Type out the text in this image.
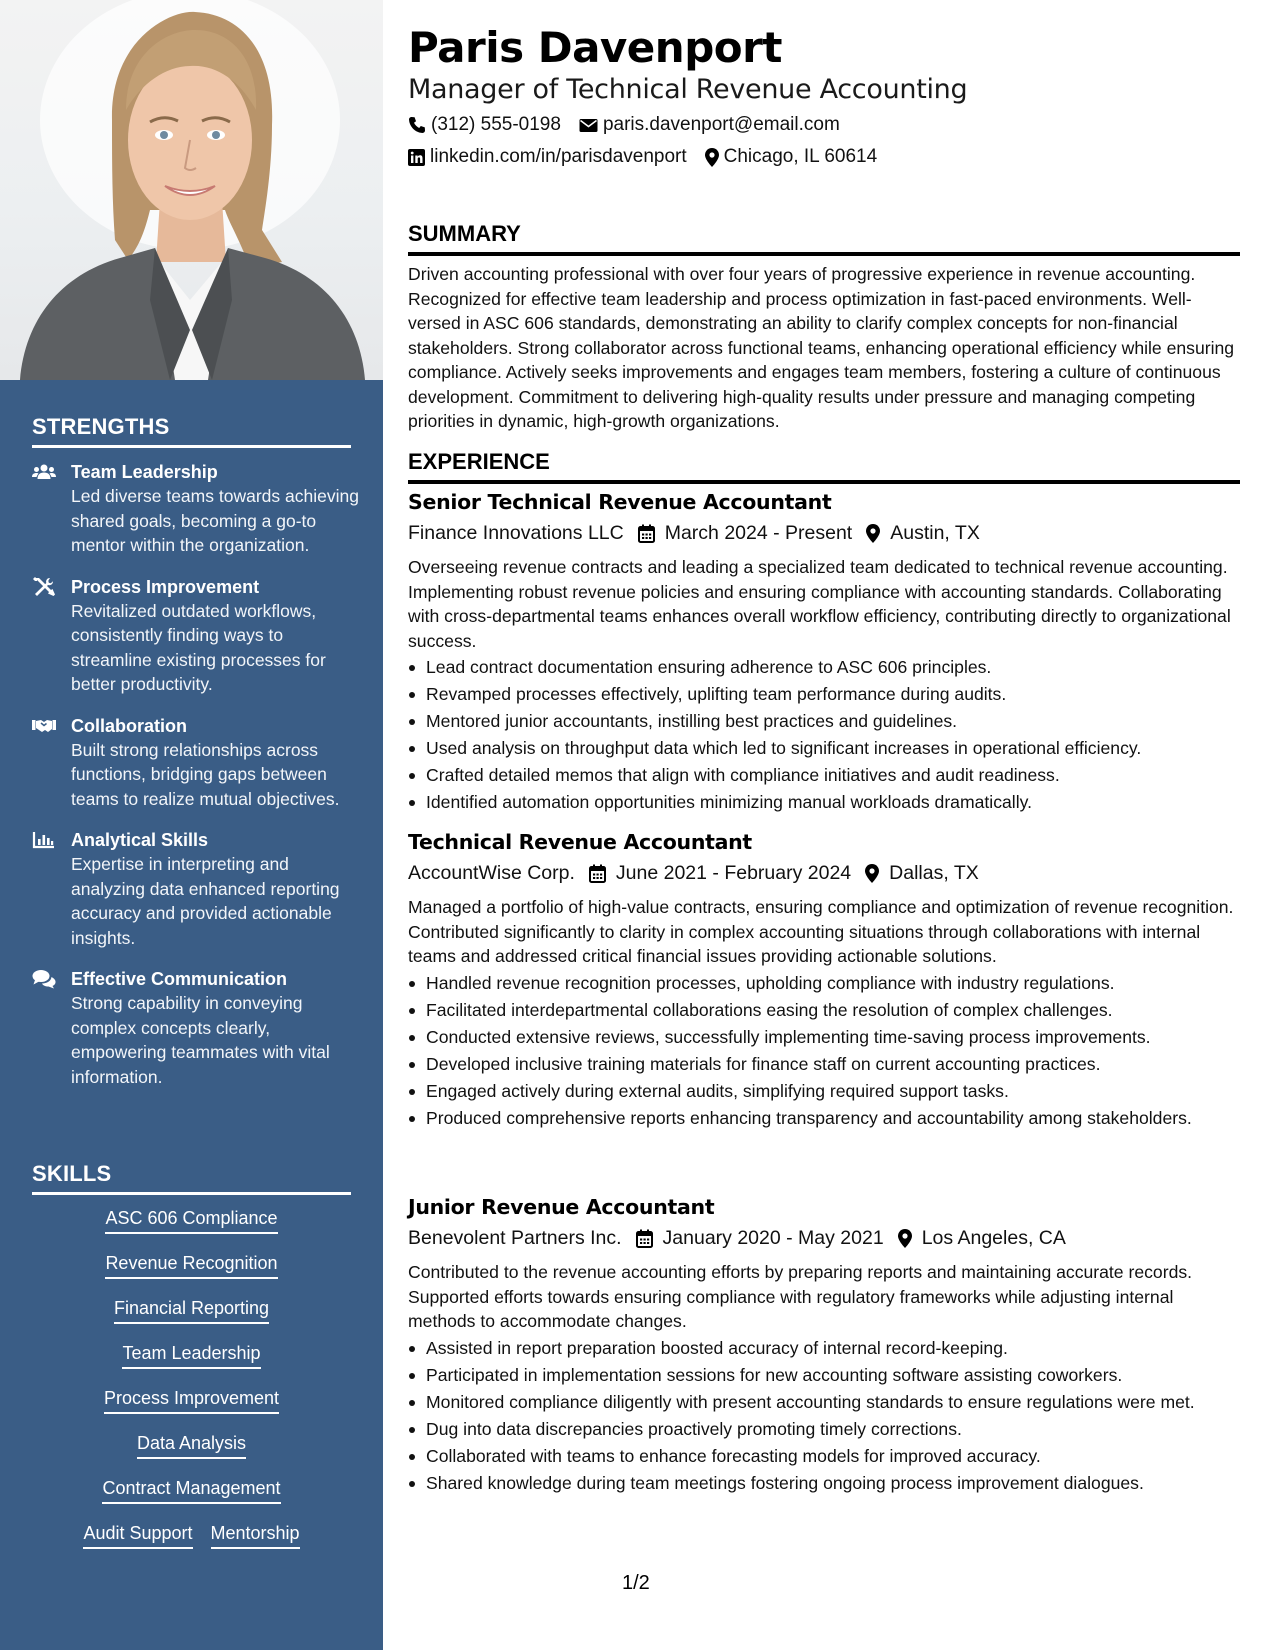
STRENGTHS
Team Leadership
Led diverse teams towards achieving shared goals, becoming a go-to mentor within the organization.
Process Improvement
Revitalized outdated workflows, consistently finding ways to streamline existing processes for better productivity.
Collaboration
Built strong relationships across functions, bridging gaps between teams to realize mutual objectives.
Analytical Skills
Expertise in interpreting and analyzing data enhanced reporting accuracy and provided actionable insights.
Effective Communication
Strong capability in conveying complex concepts clearly, empowering teammates with vital information.
SKILLS
ASC 606 Compliance
Revenue Recognition
Financial Reporting
Team Leadership
Process Improvement
Data Analysis
Contract Management
Audit Support Mentorship
Paris Davenport
Manager of Technical Revenue Accounting
(312) 555-0198 paris.davenport@email.com
linkedin.com/in/parisdavenport Chicago, IL 60614
SUMMARY
Driven accounting professional with over four years of progressive experience in revenue accounting. Recognized for effective team leadership and process optimization in fast-paced environments. Well-versed in ASC 606 standards, demonstrating an ability to clarify complex concepts for non-financial stakeholders. Strong collaborator across functional teams, enhancing operational efficiency while ensuring compliance. Actively seeks improvements and engages team members, fostering a culture of continuous development. Commitment to delivering high-quality results under pressure and managing competing priorities in dynamic, high-growth organizations.
EXPERIENCE
Senior Technical Revenue Accountant
Finance Innovations LLC March 2024 - Present Austin, TX
Overseeing revenue contracts and leading a specialized team dedicated to technical revenue accounting. Implementing robust revenue policies and ensuring compliance with accounting standards. Collaborating with cross-departmental teams enhances overall workflow efficiency, contributing directly to organizational success.
Lead contract documentation ensuring adherence to ASC 606 principles.
Revamped processes effectively, uplifting team performance during audits.
Mentored junior accountants, instilling best practices and guidelines.
Used analysis on throughput data which led to significant increases in operational efficiency.
Crafted detailed memos that align with compliance initiatives and audit readiness.
Identified automation opportunities minimizing manual workloads dramatically.
Technical Revenue Accountant
AccountWise Corp. June 2021 - February 2024 Dallas, TX
Managed a portfolio of high-value contracts, ensuring compliance and optimization of revenue recognition. Contributed significantly to clarity in complex accounting situations through collaborations with internal teams and addressed critical financial issues providing actionable solutions.
Handled revenue recognition processes, upholding compliance with industry regulations.
Facilitated interdepartmental collaborations easing the resolution of complex challenges.
Conducted extensive reviews, successfully implementing time-saving process improvements.
Developed inclusive training materials for finance staff on current accounting practices.
Engaged actively during external audits, simplifying required support tasks.
Produced comprehensive reports enhancing transparency and accountability among stakeholders.
Junior Revenue Accountant
Benevolent Partners Inc. January 2020 - May 2021 Los Angeles, CA
Contributed to the revenue accounting efforts by preparing reports and maintaining accurate records. Supported efforts towards ensuring compliance with regulatory frameworks while adjusting internal methods to accommodate changes.
Assisted in report preparation boosted accuracy of internal record-keeping.
Participated in implementation sessions for new accounting software assisting coworkers.
Monitored compliance diligently with present accounting standards to ensure regulations were met.
Dug into data discrepancies proactively promoting timely corrections.
Collaborated with teams to enhance forecasting models for improved accuracy.
Shared knowledge during team meetings fostering ongoing process improvement dialogues.
1/2
